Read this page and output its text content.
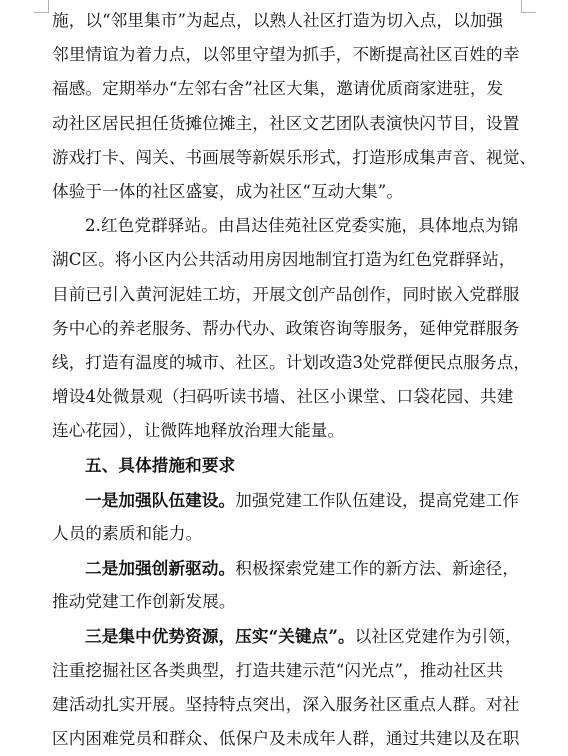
施，以“邻里集市”为起点，以熟人社区打造为切入点，以加强
邻里情谊为着力点，以邻里守望为抓手，不断提高社区百姓的幸
福感。定期举办“左邻右舍”社区大集，邀请优质商家进驻，发
动社区居民担任货摊位摊主，社区文艺团队表演快闪节目，设置
游戏打卡、闯关、书画展等新娱乐形式，打造形成集声音、视觉、
体验于一体的社区盛宴，成为社区“互动大集”。
2.红色党群驿站。由昌达佳苑社区党委实施，具体地点为锦
湖C区。将小区内公共活动用房因地制宜打造为红色党群驿站，
目前已引入黄河泥娃工坊，开展文创产品创作，同时嵌入党群服
务中心的养老服务、帮办代办、政策咨询等服务，延伸党群服务
线，打造有温度的城市、社区。计划改造3处党群便民点服务点，
增设4处微景观（扫码听读书墙、社区小课堂、口袋花园、共建
连心花园），让微阵地释放治理大能量。
五、具体措施和要求
一是加强队伍建设。加强党建工作队伍建设，提高党建工作
人员的素质和能力。
二是加强创新驱动。积极探索党建工作的新方法、新途径，
推动党建工作创新发展。
三是集中优势资源，压实“关键点”。以社区党建作为引领，
注重挖掘社区各类典型，打造共建示范“闪光点”，推动社区共
建活动扎实开展。坚持特点突出，深入服务社区重点人群。对社
区内困难党员和群众、低保户及未成年人群，通过共建以及在职
